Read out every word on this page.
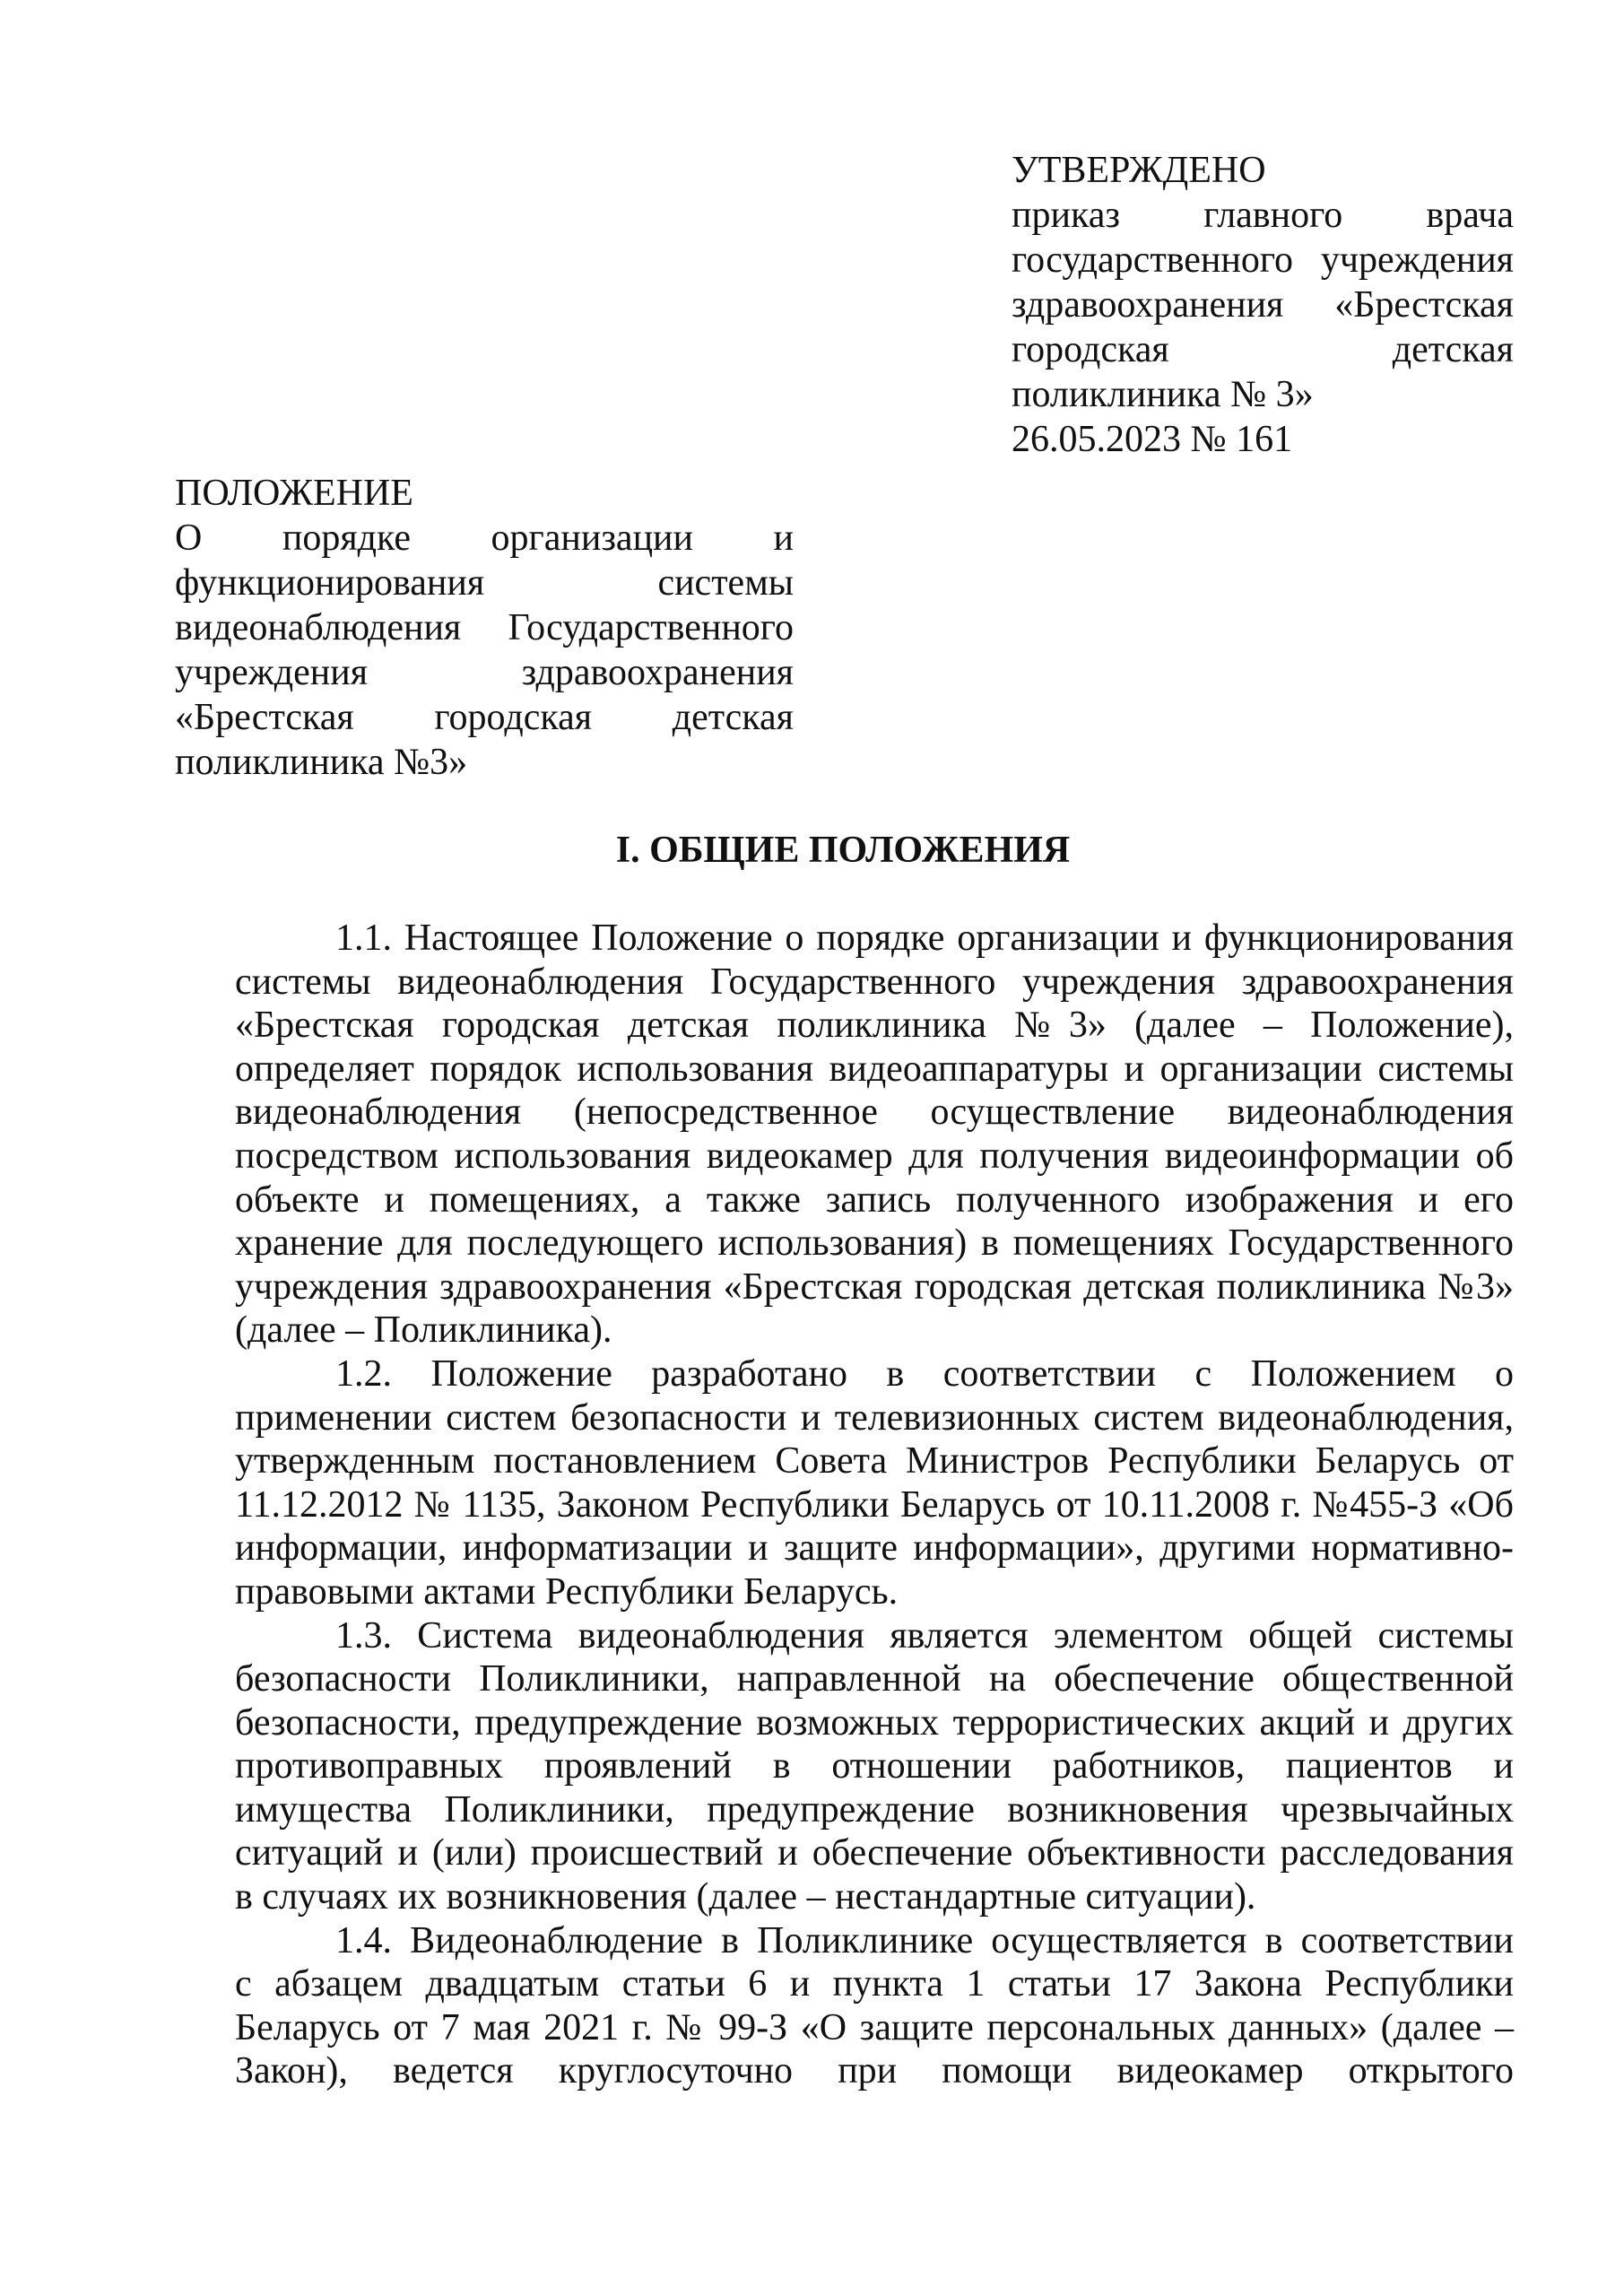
УТВЕРЖДЕНО
приказ главного врача
государственного учреждения
здравоохранения «Брестская
городская детская
поликлиника № 3»
26.05.2023 № 161
ПОЛОЖЕНИЕ
О порядке организации и
функционирования системы
видеонаблюдения Государственного
учреждения здравоохранения
«Брестская городская детская
поликлиника №3»
I. ОБЩИЕ ПОЛОЖЕНИЯ
1.1. Настоящее Положение о порядке организации и функционирования
системы видеонаблюдения Государственного учреждения здравоохранения
«Брестская городская детская поликлиника №3» (далее – Положение),
определяет порядок использования видеоаппаратуры и организации системы
видеонаблюдения (непосредственное осуществление видеонаблюдения
посредством использования видеокамер для получения видеоинформации об
объекте и помещениях, а также запись полученного изображения и его
хранение для последующего использования) в помещениях Государственного
учреждения здравоохранения «Брестская городская детская поликлиника №3»
(далее – Поликлиника).
1.2. Положение разработано в соответствии с Положением о
применении систем безопасности и телевизионных систем видеонаблюдения,
утвержденным постановлением Совета Министров Республики Беларусь от
11.12.2012 № 1135, Законом Республики Беларусь от 10.11.2008 г. №455-З «Об
информации, информатизации и защите информации», другими нормативно-
правовыми актами Республики Беларусь.
1.3. Система видеонаблюдения является элементом общей системы
безопасности Поликлиники, направленной на обеспечение общественной
безопасности, предупреждение возможных террористических акций и других
противоправных проявлений в отношении работников, пациентов и
имущества Поликлиники, предупреждение возникновения чрезвычайных
ситуаций и (или) происшествий и обеспечение объективности расследования
в случаях их возникновения (далее – нестандартные ситуации).
1.4. Видеонаблюдение в Поликлинике осуществляется в соответствии
с абзацем двадцатым статьи 6 и пункта 1 статьи 17 Закона Республики
Беларусь от 7 мая 2021 г. № 99-З «О защите персональных данных» (далее –
Закон), ведется круглосуточно при помощи видеокамер открытого
